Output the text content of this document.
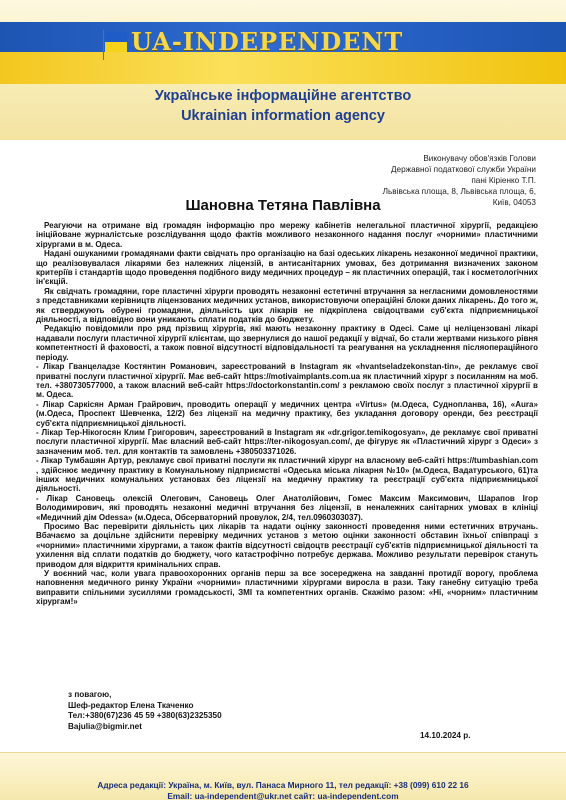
UA-INDEPENDENT
Українське інформаційне агентство
Ukrainian information agency
Виконувачу обов'язків Голови
Державної податкової служби України
пані Кіріенко Т.П.
Львівська площа, 8, Львівська площа, 6,
Київ, 04053
Шановна Тетяна Павлівна

Реагуючи на отримане від громадян інформацію про мережу кабінетів нелегальної пластичної хірургії, редакцією ініційоване журналістське розслідування щодо фактів можливого незаконного надання послуг «чорними» пластичними хірургами в м. Одеса.

Надані ошуканими громадянами факти свідчать про організацію на базі одеських лікарень незаконної медичної практики, що реалізовувалася лікарями без належних ліцензій, в антисанітарних умовах, без дотримання визначених законом критеріїв і стандартів щодо проведення подібного виду медичних процедур – як пластичних операцій, так і косметологічних ін'єкцій.

Як свідчать громадяни, горе пластичні хірурги проводять незаконні естетичні втручання за негласними домовленостями з представниками керівництв ліцензованих медичних установ, використовуючи операційні блоки даних лікарень. До того ж, як стверджують обурені громадяни, діяльність цих лікарів не підкріплена свідоцтвами суб'єкта підприємницької діяльності, а відповідно вони уникають сплати податків до бюджету.

Редакцію повідомили про ряд прізвищ хірургів, які мають незаконну практику в Одесі. Саме ці неліцензовані лікарі надавали послуги пластичної хірургії клієнтам, що звернулися до нашої редакції у відчаї, бо стали жертвами низького рівня компетентності й фаховості, а також повної відсутності відповідальності та реагування на ускладнення післяопераційного періоду.

- Лікар Гванцеладзе Костянтин Романович, зареєстрований в Instagram як «hvantseladzekonstan-tin», де рекламує свої приватні послуги пластичної хірургії. Має веб-сайт https://motivaimplants.com.ua як пластичний хірург з посиланням на моб. тел. +380730577000, а також власний веб-сайт https://doctorkonstantin.com/ з рекламою своїх послуг з пластичної хірургії в м. Одеса.

- Лікар Саркісян Арман Грайрович, проводить операції у медичних центра «Virtus» (м.Одеса, Суднопланва, 16), «Aura» (м.Одеса, Проспект Шевченка, 12/2) без ліцензії на медичну практику, без укладання договору оренди, без реєстрації суб'єкта підприємницької діяльності.

- Лікар Тер-Нікогосян Клим Григорович, зареєстрований в Instagram як «dr.grigor.temikogosyan», де рекламує свої приватні послуги пластичної хірургії. Має власний веб-сайт https://ter-nikogosyan.com/, де фігурує як «Пластичний хірург з Одеси» з зазначеним моб. тел. для контактів та замовлень +380503371026.

- Лікар Тумбашян Артур, рекламує свої приватні послуги як пластичний хірург на власному веб-сайті https://tumbashian.com , здійснює медичну практику в Комунальному підприємстві «Одеська міська лікарня №10» (м.Одеса, Вадатурського, 61)та інших медичних комунальних установах без ліцензії на медичну практику та реєстрації суб'єкта підприємницької діяльності.

- Лікар Сановець олексій Олегович, Сановець Олег Анатолійович, Гомес Максим Максимович, Шарапов Ігор Володимирович, які проводять незаконні медичні втручання без ліцензії, в неналежних санітарних умовах в клініці «Медичний дім Odessa» (м.Одеса, Обсерваторний провулок, 2/4, тел.0960303037).

Просимо Вас перевірити діяльність цих лікарів та надати оцінку законності проведення ними естетичних втручань. Вбачаємо за доцільне здійснити перевірку медичних установ з метою оцінки законності обставин їхньої співпраці з «чорними» пластичними хірургами, а також фактів відсутності свідоцтв реєстрації суб'єктів підприємницької діяльності та ухилення від сплати податків до бюджету, чого катастрофічно потребує держава. Можливо результати перевірок стануть приводом для відкриття кримінальних справ.

У воєнний час, коли увага правоохоронних органів перш за все зосереджена на завданні протидії ворогу, проблема наповнення медичного ринку України «чорними» пластичними хірургами виросла в рази. Таку ганебну ситуацію треба виправити спільними зусиллями громадськості, ЗМІ та компетентних органів. Скажімо разом: «Ні, «чорним» пластичним хірургам!»

з повагою,
Шеф-редактор Елена Ткаченко
Тел:+380(67)236 45 59 +380(63)2325350
Bajulia@bigmir.net
14.10.2024 р.
Адреса редакції: Україна, м. Київ, вул. Панаса Мирного 11, тел редакції: +38 (099) 610 22 16
Email: ua-independent@ukr.net сайт: ua-independent.com
